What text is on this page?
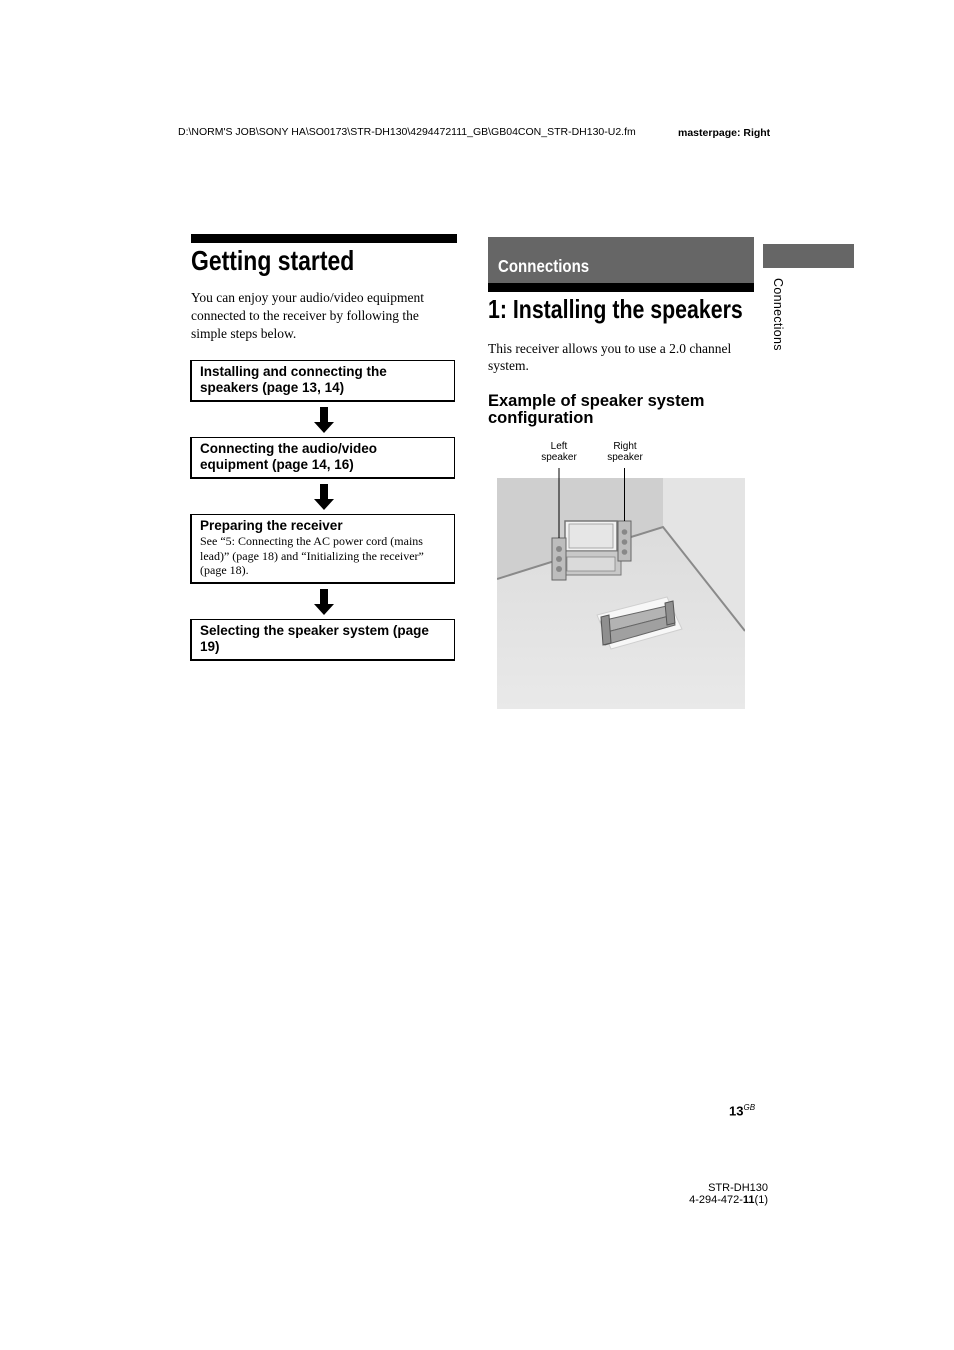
D:\NORM'S JOB\SONY HA\SO0173\STR-DH130\4294472111_GB\GB04CON_STR-DH130-U2.fm	masterpage: Right
Getting started
You can enjoy your audio/video equipment connected to the receiver by following the simple steps below.
Installing and connecting the speakers (page 13, 14)
Connecting the audio/video equipment (page 14, 16)
Preparing the receiver
See “5: Connecting the AC power cord (mains lead)” (page 18) and “Initializing the receiver” (page 18).
Selecting the speaker system (page 19)
Connections
1: Installing the speakers
This receiver allows you to use a 2.0 channel system.
Example of speaker system configuration
Left speaker
Right speaker
Connections
$13^{GB}$
STR-DH130
4-294-472-11(1)
